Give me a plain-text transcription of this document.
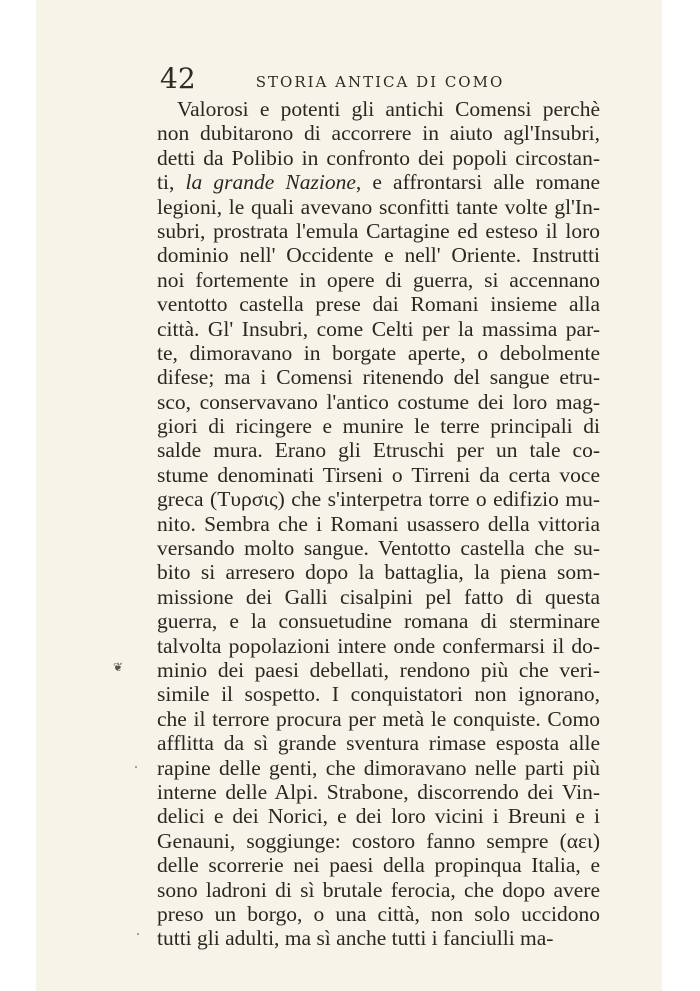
42	STORIA ANTICA DI COMO
Valorosi e potenti gli antichi Comensi perchè
non dubitarono di accorrere in aiuto agl'Insubri,
detti da Polibio in confronto dei popoli circostan-
ti, la grande Nazione, e affrontarsi alle romane
legioni, le quali avevano sconfitti tante volte gl'In-
subri, prostrata l'emula Cartagine ed esteso il loro
dominio nell' Occidente e nell' Oriente. Instrutti
noi fortemente in opere di guerra, si accennano
ventotto castella prese dai Romani insieme alla
città. Gl' Insubri, come Celti per la massima par-
te, dimoravano in borgate aperte, o debolmente
difese; ma i Comensi ritenendo del sangue etru-
sco, conservavano l'antico costume dei loro mag-
giori di ricingere e munire le terre principali di
salde mura. Erano gli Etruschi per un tale co-
stume denominati Tirseni o Tirreni da certa voce
greca (Τυρσις) che s'interpetra torre o edifizio mu-
nito. Sembra che i Romani usassero della vittoria
versando molto sangue. Ventotto castella che su-
bito si arresero dopo la battaglia, la piena som-
missione dei Galli cisalpini pel fatto di questa
guerra, e la consuetudine romana di sterminare
talvolta popolazioni intere onde confermarsi il do-
minio dei paesi debellati, rendono più che veri-
simile il sospetto. I conquistatori non ignorano,
che il terrore procura per metà le conquiste. Como
afflitta da sì grande sventura rimase esposta alle
rapine delle genti, che dimoravano nelle parti più
interne delle Alpi. Strabone, discorrendo dei Vin-
delici e dei Norici, e dei loro vicini i Breuni e i
Genauni, soggiunge: costoro fanno sempre (αει)
delle scorrerie nei paesi della propinqua Italia, e
sono ladroni di sì brutale ferocia, che dopo avere
preso un borgo, o una città, non solo uccidono
tutti gli adulti, ma sì anche tutti i fanciulli ma-
❦
